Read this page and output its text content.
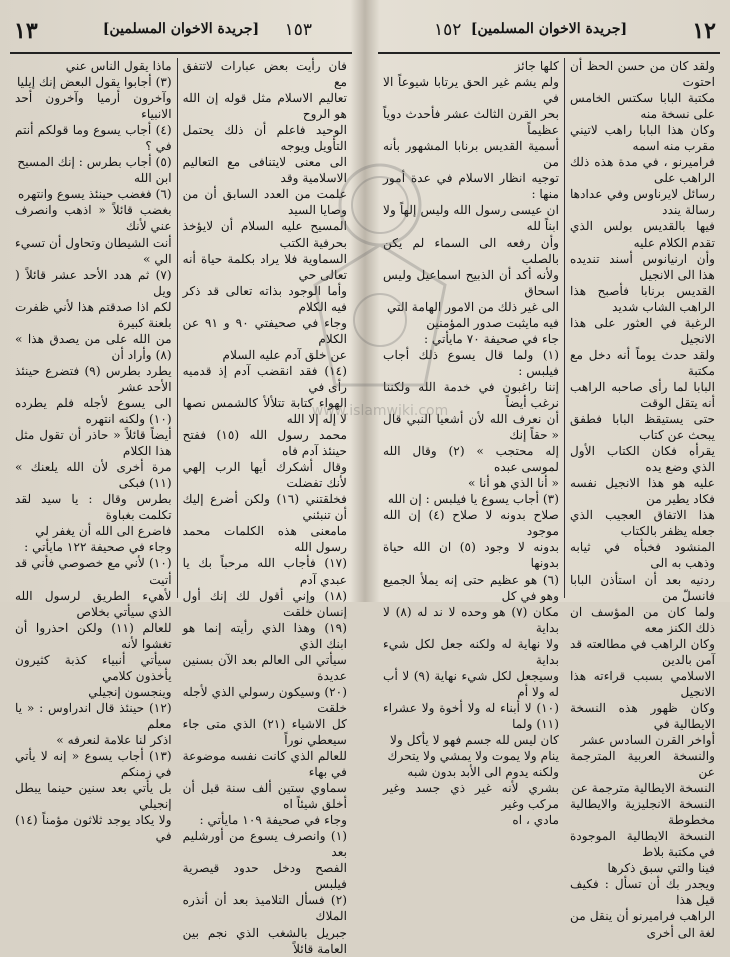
١٣	[جريدة الاخوان المسلمين]	١٥٣

فان رأيت بعض عبارات لاتتفق مع

تعاليم الاسلام مثل قوله إن الله هو الروح

الوحيد فاعلم أن ذلك يحتمل التأويل ويوجه

الى معنى لايتنافى مع التعاليم الاسلامية وقد

علمت من العدد السابق أن من وصايا السيد

المسيح عليه السلام أن لايؤخذ بحرفية الكتب

السماوية فلا يراد بكلمة حياة أنه تعالى حي

وأما الوجود بذاته تعالى قد ذكر فيه الكلام

وجاء في صحيفتي ٩٠ و ٩١ عن الكلام

عن خلق آدم عليه السلام

(١٤) فقد انقضب آدم إذ قدميه رأى في

الهواء كتابة تتلألأ كالشمس نصها لا إله إلا الله

محمد رسول الله (١٥) ففتح حينئذ آدم فاه

وقال أشكرك أيها الرب إلهي لأنك تفضلت

فخلقتني (١٦) ولكن أضرع إليك أن تنبئني

مامعنى هذه الكلمات محمد رسول الله

(١٧) فأجاب الله مرحباً بك يا عبدي آدم

(١٨) وإني أقول لك إنك أول إنسان خلقت

(١٩) وهذا الذي رأيته إنما هو ابنك الذي

سيأتي الى العالم بعد الآن بسنين عديدة

(٢٠) وسيكون رسولي الذي لأجله خلقت

كل الاشياء (٢١) الذي متى جاء سيعطي نوراً

للعالم الذي كانت نفسه موضوعة في بهاء

سماوي ستين ألف سنة قبل أن أخلق شيئاً اه

وجاء في صحيفة ١٠٩ مايأتي :

(١) وانصرف يسوع من أورشليم بعد

الفصح ودخل حدود قيصرية فيلبس

(٢) فسأل التلاميذ بعد أن أنذره الملاك

جبريل بالشغب الذي نجم بين العامة قائلاً

ماذا يقول الناس عني

(٣) أجابوا يقول البعض إنك إيليا

وآخرون أرميا وآخرون أحد الانبياء

(٤) أجاب يسوع وما قولكم أنتم في ؟

(٥) أجاب بطرس : إنك المسيح

ابن الله

(٦) فغضب حينئذ يسوع وانتهره

بغضب قائلاً « اذهب وانصرف عني لأنك

أنت الشيطان وتحاول أن تسيء الي »

(٧) ثم هدد الأحد عشر قائلاً ( ويل

لكم اذا صدقتم هذا لأني ظفرت بلعنة كبيرة

من الله على من يصدق هذا » (٨) وأراد أن

يطرد بطرس (٩) فتضرع حينئذ الأحد عشر

الى يسوع لأجله فلم يطرده (١٠) ولكنه انتهره

أيضاً قائلاً « حاذر أن تقول مثل هذا الكلام

مرة أخرى لأن الله يلعنك » (١١) فبكى

بطرس وقال : يا سيد لقد تكلمت بغباوة

فاضرع الى الله أن يغفر لي

وجاء في صحيفة ١٢٢ مايأتي :

(١٠) لأني مع خصوصي فأني قد أتيت

لأهيء الطريق لرسول الله الذي سيأتي بخلاص

للعالم (١١) ولكن احذروا أن تغشوا لأنه

سيأتي أنبياء كذبة كثيرون يأخذون كلامي

وينجسون إنجيلي

(١٢) حينئذ قال اندراوس : « يا معلم

اذكر لنا علامة لنعرفه »

(١٣) أجاب يسوع « إنه لا يأتي في زمنكم

بل يأتي بعد سنين حينما يبطل إنجيلي

ولا يكاد يوجد ثلاثون مؤمناً (١٤) في

١٥٢ [جريدة الاخوان المسلمين]	١٢

ولقد كان من حسن الحظ أن احتوت

مكتبة البابا سكتس الخامس على نسخة منه

وكان هذا البابا راهب لاتيني مقرب منه اسمه

فراميرنو ، في مدة هذه ذلك الراهب على

رسائل لايرناوس وفي عدادها رسالة يندد

فيها بالقديس بولس الذي تقدم الكلام عليه

وأن ارنيانوس أسند تنديده هذا الى الانجيل

القديس برنابا فأصبح هذا الراهب الشاب شديد

الرغبة في العثور على هذا الانجيل

ولقد حدث يوماً أنه دخل مع مكتبة

البابا لما رأى صاحبه الراهب أنه يتقل الوقت

حتى يستيقظ البابا فطفق يبحث عن كتاب

يقرأه فكان الكتاب الأول الذي وضع يده

عليه هو هذا الانجيل نفسه فكاد يطير من

هذا الاتفاق العجيب الذي جعله يظفر بالكتاب

المنشود فخبأه في ثيابه وذهب به الى

ردنيه بعد أن استأذن البابا فانسلّ من

ولما كان من المؤسف ان ذلك الكنز معه

وكان الراهب في مطالعته قد آمن بالدين

الاسلامي بسبب قراءته هذا الانجيل

وكان ظهور هذه النسخة الايطالية في

أواخر القرن السادس عشر

والنسخة العربية المترجمة عن

النسخة الايطالية مترجمة عن

النسخة الانجليزية والايطالية مخطوطة

النسخة الايطالية الموجودة في مكتبة بلاط

فينا والتي سبق ذكرها

ويجدر بك أن تسأل : فكيف قيل هذا

الراهب فراميرنو أن ينقل من لغة الى أخرى

كلها جائز

ولم يشم غير الحق يرتابا شيوعاً الا في

بحر القرن الثالث عشر فأحدث دوياً عظيماً

أسمية القديس برنابا المشهور بأنه من

توجيه انظار الاسلام في عدة أمور منها :

ان عيسى رسول الله وليس إلهاً ولا ابناً لله

وأن رفعه الى السماء لم يكن بالصلب

ولأنه أكد أن الذبيح اسماعيل وليس اسحاق

الى غير ذلك من الامور الهامة التي

فيه مايثبت صدور المؤمنين

جاء في صحيفة ٧٠ مايأتي :

(١) ولما قال يسوع ذلك أجاب فيلبس :

إننا راغبون في خدمة الله ولكننا نرغب أيضاً

أن نعرف الله لأن أشعيا النبي قال « حقاً إنك

إله محتجب » (٢) وقال الله لموسى عبده

« أنا الذي هو أنا »

(٣) أجاب يسوع يا فيلبس : إن الله

صلاح بدونه لا صلاح (٤) إن الله موجود

بدونه لا وجود (٥) ان الله حياة بدونها

(٦) هو عظيم حتى إنه يملأ الجميع وهو في كل

مكان (٧) هو وحده لا ند له (٨) لا بداية

ولا نهاية له ولكنه جعل لكل شيء بداية

وسيجعل لكل شيء نهاية (٩) لا أب له ولا أم

(١٠) لا أبناء له ولا أخوة ولا عشراء (١١) ولما

كان ليس لله جسم فهو لا يأكل ولا

ينام ولا يموت ولا يمشي ولا يتحرك

ولكنه يدوم الى الأبد بدون شبه

بشري لأنه غير ذي جسد وغير مركب وغير

مادي ، اه

www.islamwiki.com
